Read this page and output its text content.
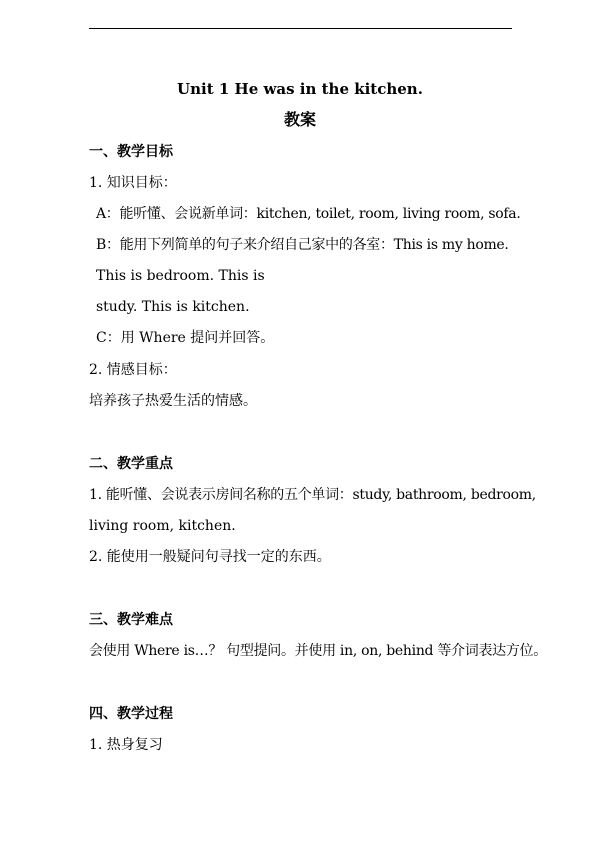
Unit 1 He was in the kitchen.
教案
一、教学目标
1. 知识目标：
A：能听懂、会说新单词：kitchen, toilet, room, living room, sofa.
B：能用下列简单的句子来介绍自己家中的各室：This is my home.
This is bedroom. This is
study. This is kitchen.
C：用 Where 提问并回答。
2. 情感目标：
培养孩子热爱生活的情感。
二、教学重点
1. 能听懂、会说表示房间名称的五个单词：study, bathroom, bedroom,
living room, kitchen.
2. 能使用一般疑问句寻找一定的东西。
三、教学难点
会使用 Where is…？ 句型提问。并使用 in, on, behind 等介词表达方位。
四、教学过程
1. 热身复习
